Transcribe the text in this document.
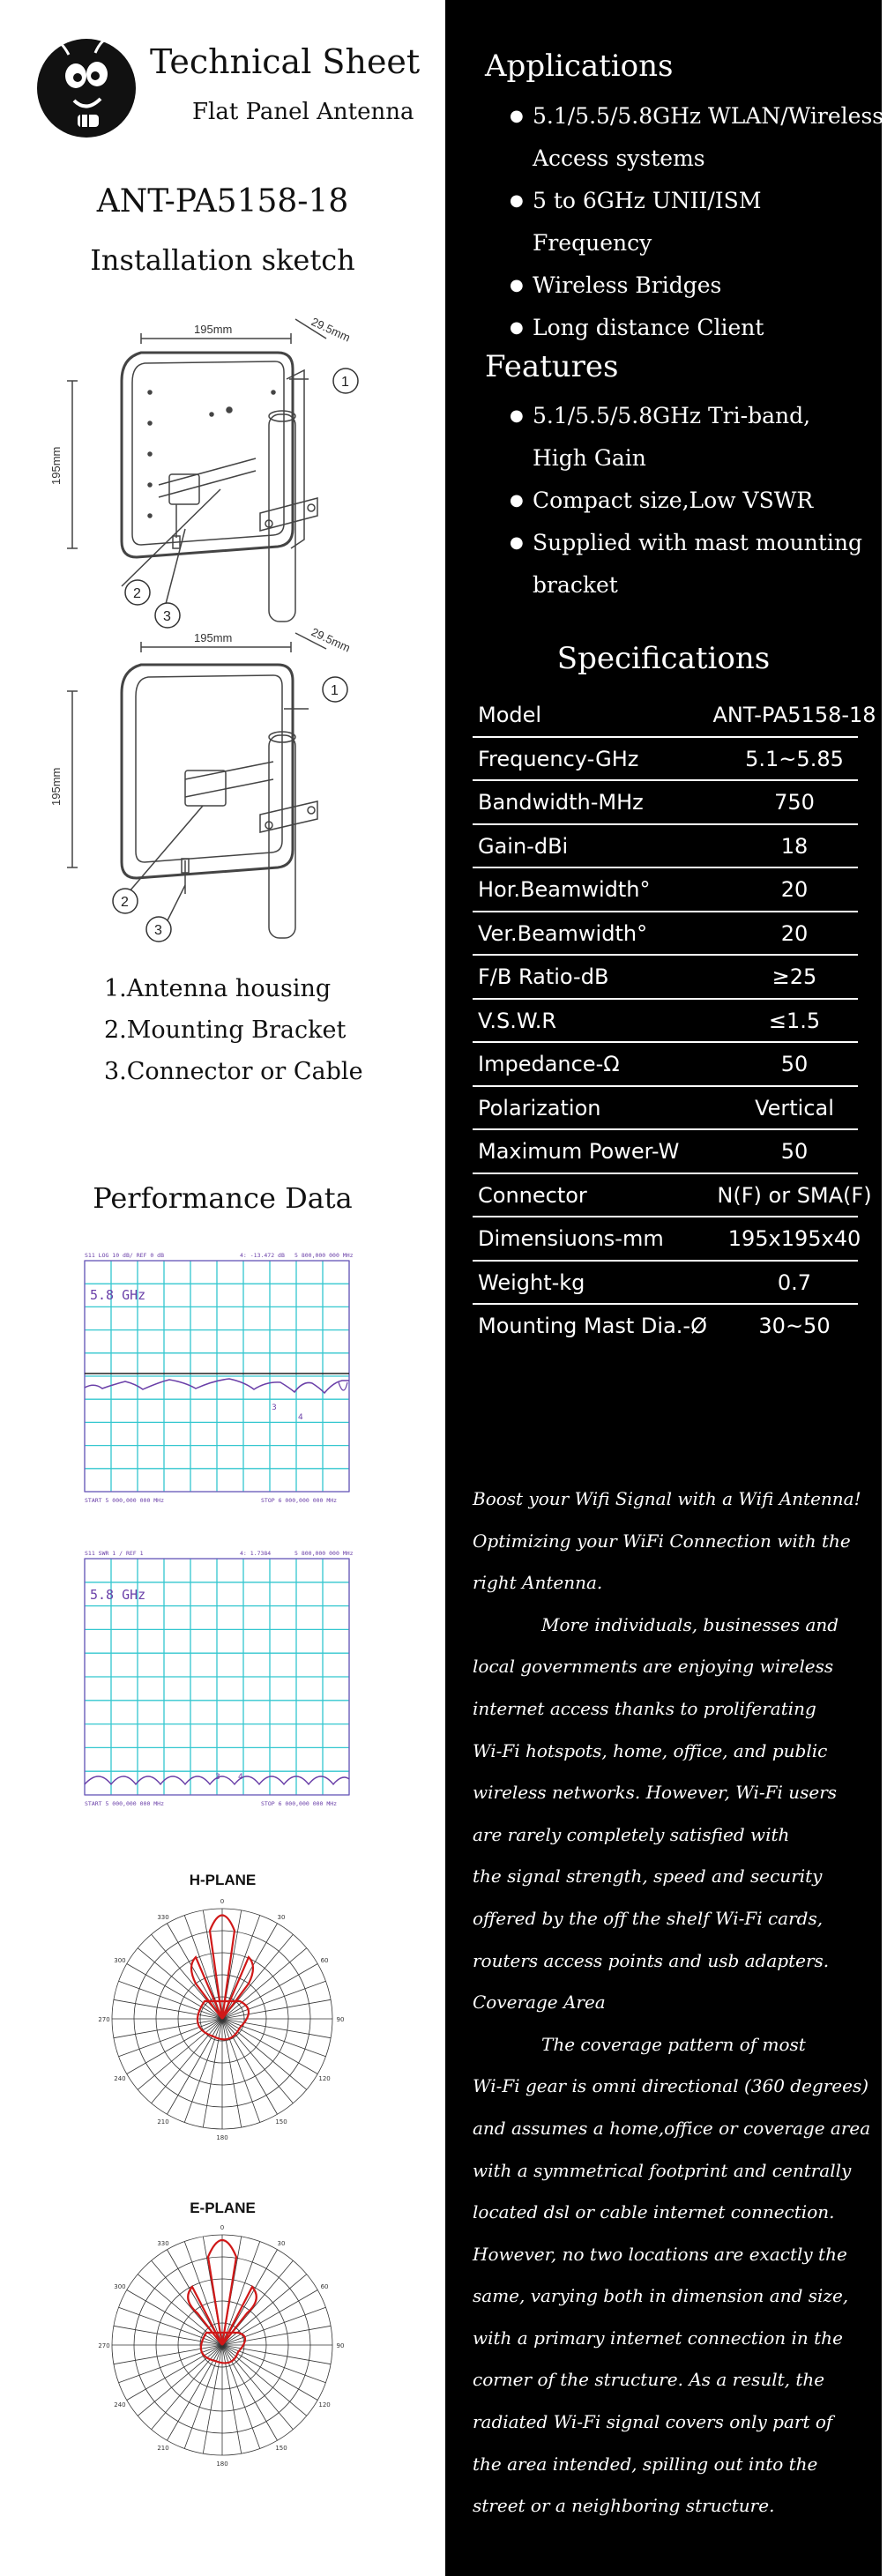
Technical Sheet
Flat Panel Antenna
ANT-PA5158-18
Installation sketch
195mm	29.5mm
195mm
1
2
3
195mm	29.5mm
195mm
1
2
3
1.Antenna housing
2.Mounting Bracket
3.Connector or Cable
Performance Data
S11 LOG 10 dB/ REF 0 dB	4: -13.472 dB 5 800,000 000 MHz
5.8 GHz
START 5 000,000 000 MHz	STOP 6 000,000 000 MHz
3
4
S11 SWR 1 / REF 1	4: 1.7384	5 800,000 000 MHz
5.8 GHz
START 5 000,000 000 MHz	STOP 6 000,000 000 MHz
3 4
H-PLANE
0
30
60
90
120
150
180
210
240
270
300
330
E-PLANE
0
30
60
90
120
150
180
210
240
270
300
330
Applications
● 5.1/5.5/5.8GHz WLAN/Wireless
Access systems
● 5 to 6GHz UNII/ISM Frequency
● Wireless Bridges
● Long distance Client
Features
● 5.1/5.5/5.8GHz Tri-band,
High Gain
● Compact size,Low VSWR
● Supplied with mast mounting
bracket
Specifications
Model	ANT-PA5158-18
Frequency-GHz	5.1~5.85
Bandwidth-MHz	750
Gain-dBi	18
Hor.Beamwidth°	20
Ver.Beamwidth°	20
F/B Ratio-dB	≥25
V.S.W.R	≤1.5
Impedance-Ω	50
Polarization	Vertical
Maximum Power-W	50
Connector	N(F) or SMA(F)
Dimensiuons-mm	195x195x40
Weight-kg	0.7
Mounting Mast Dia.-Ø	30~50
Boost your Wifi Signal with a Wifi Antenna!
Optimizing your WiFi Connection with the
right Antenna.
More individuals, businesses and
local governments are enjoying wireless
internet access thanks to proliferating
Wi-Fi hotspots, home, office, and public
wireless networks. However, Wi-Fi users
are rarely completely satisfied with
the signal strength, speed and security
offered by the off the shelf Wi-Fi cards,
routers access points and usb adapters.
Coverage Area
The coverage pattern of most
Wi-Fi gear is omni directional (360 degrees)
and assumes a home,office or coverage area
with a symmetrical footprint and centrally
located dsl or cable internet connection.
However, no two locations are exactly the
same, varying both in dimension and size,
with a primary internet connection in the
corner of the structure. As a result, the
radiated Wi-Fi signal covers only part of
the area intended, spilling out into the
street or a neighboring structure.
